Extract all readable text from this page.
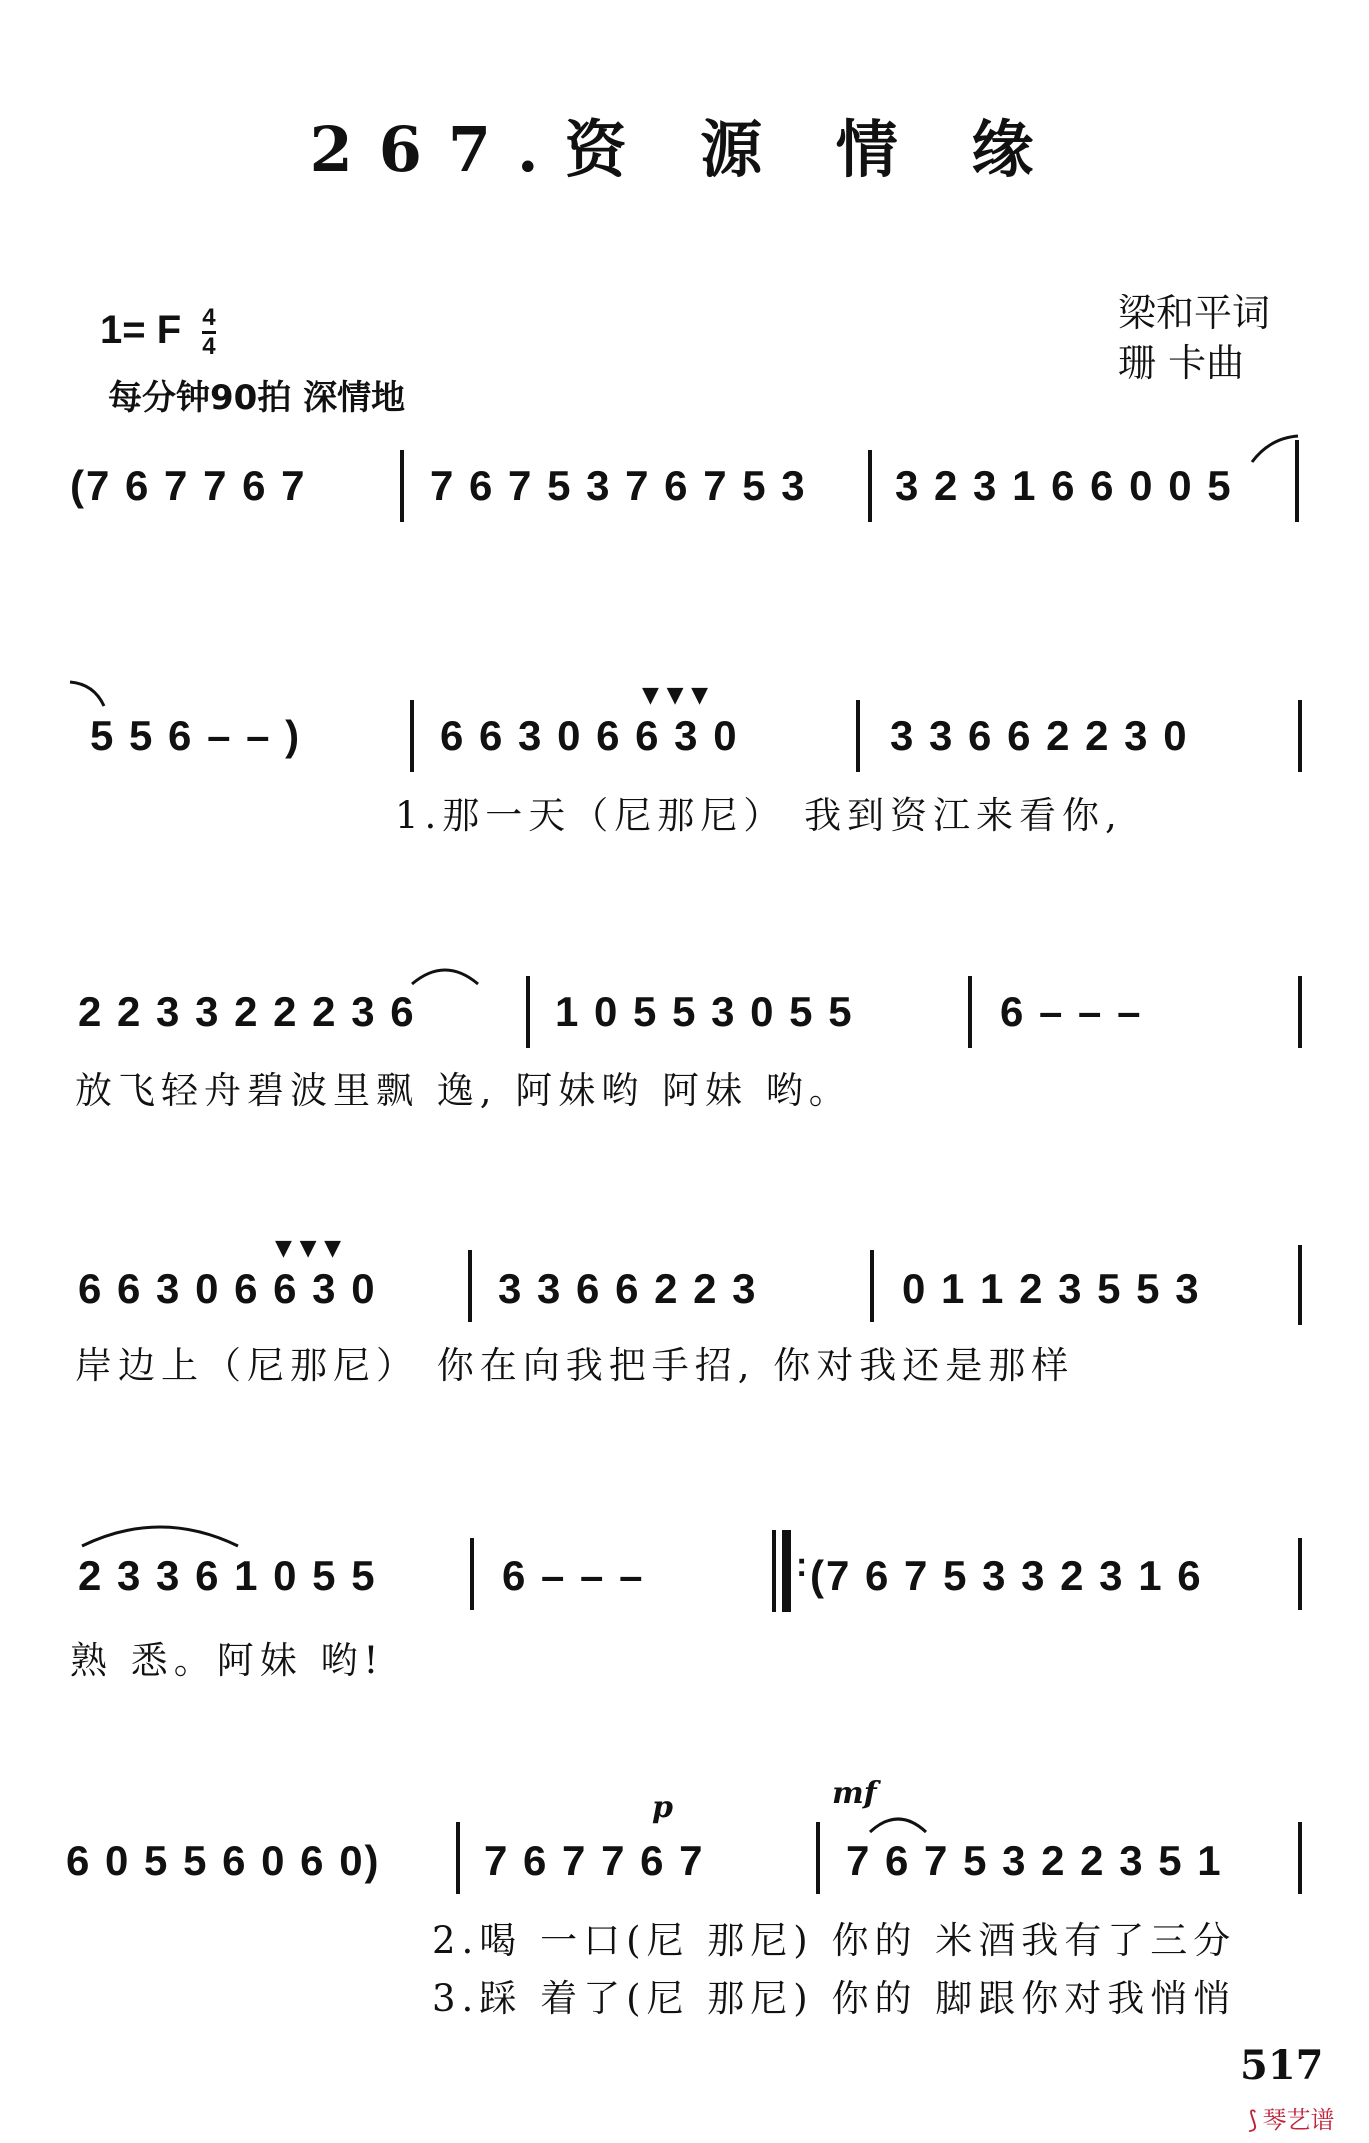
267.资 源 情 缘
梁和平词
珊 卡曲
1= F $\frac{4}{4}$
每分钟90拍 深情地
(7 6 7 7 6 7	7 6 7 5 3 7 6 7 5 3 3 2 3 1 6 6 0 0 5
5 5 6 – – )
▼ ▼ ▼
6 6 3 0 6 6 3 0	3 3 6 6 2 2 3 0
1.那一天（尼那尼） 我到资江来看你,
2 2 3 3 2 2 2 3 6	1 0 5 5 3 0 5 5	6 – – –
放飞轻舟碧波里飘 逸, 阿妹哟 阿妹 哟。
▼ ▼ ▼
6 6 3 0 6 6 3 0	3 3 6 6 2 2 3	0 1 1 2 3 5 5 3
岸边上（尼那尼） 你在向我把手招, 你对我还是那样
2 3 3 6 1 0 5 5	6 – – –	: (7 6 7 5 3 3 2 3 1 6
熟 悉。阿妹 哟!
p	mf
6 0 5 5 6 0 6 0) 7 6 7 7 6 7	7 6 7 5 3 2 2 3 5 1
2.喝 一口(尼 那尼) 你的 米酒我有了三分
3.踩 着了(尼 那尼) 你的 脚跟你对我悄悄
517
⟆ 琴艺谱
